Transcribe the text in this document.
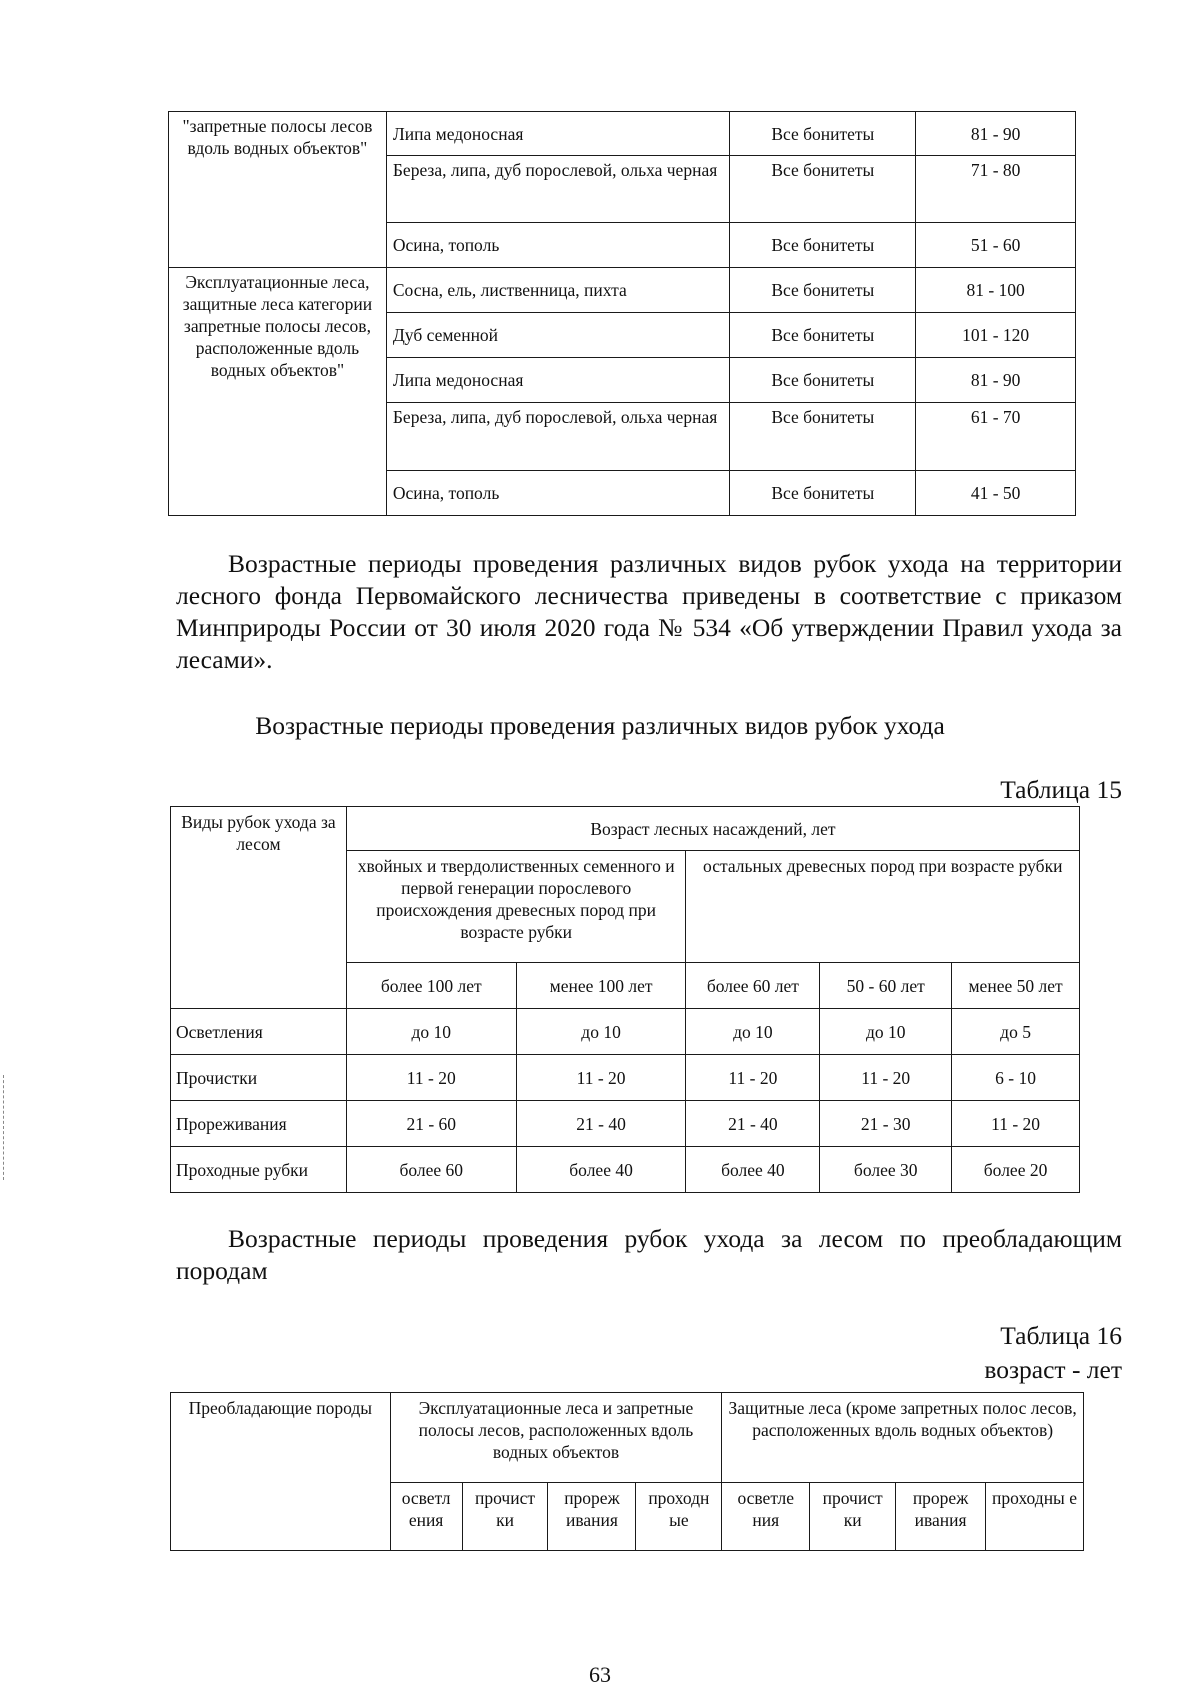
"запретные полосы лесов вдоль водных объектов"	Липа медоносная	Все бонитеты	81 - 90
	Береза, липа, дуб порослевой, ольха черная	Все бонитеты	71 - 80
	Осина, тополь	Все бонитеты	51 - 60
Эксплуатационные леса, защитные леса категории запретные полосы лесов, расположенные вдоль водных объектов"	Сосна, ель, лиственница, пихта	Все бонитеты	81 - 100
	Дуб семенной	Все бонитеты	101 - 120
	Липа медоносная	Все бонитеты	81 - 90
	Береза, липа, дуб порослевой, ольха черная	Все бонитеты	61 - 70
	Осина, тополь	Все бонитеты	41 - 50

Возрастные периоды проведения различных видов рубок ухода на территории лесного фонда Первомайского лесничества приведены в соответствие с приказом Минприроды России от 30 июля 2020 года № 534 «Об утверждении Правил ухода за лесами».

Возрастные периоды проведения различных видов рубок ухода

Таблица 15

Виды рубок ухода за лесом	Возраст лесных насаждений, лет				
	хвойных и твердолиственных семенного и первой генерации порослевого происхождения древесных пород при возрасте рубки		остальных древесных пород при возрасте рубки		
	более 100 лет	менее 100 лет	более 60 лет	50 - 60 лет	менее 50 лет
Осветления	до 10	до 10	до 10	до 10	до 5
Прочистки	11 - 20	11 - 20	11 - 20	11 - 20	6 - 10
Прореживания	21 - 60	21 - 40	21 - 40	21 - 30	11 - 20
Проходные рубки	более 60	более 40	более 40	более 30	более 20

Возрастные периоды проведения рубок ухода за лесом по преобладающим породам

Таблица 16

возраст - лет

Преобладающие породы	Эксплуатационные леса и запретные полосы лесов, расположенных вдоль водных объектов				Защитные леса (кроме запретных полос лесов, расположенных вдоль водных объектов)			
	осветл ения	прочист ки	прореж ивания	проходн ые	осветле ния	прочист ки	прореж ивания	проходны е
63
